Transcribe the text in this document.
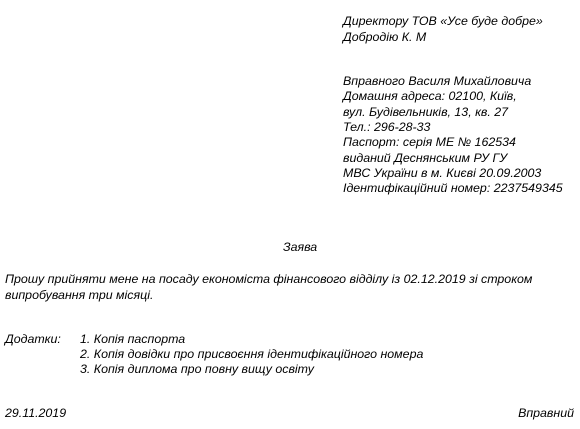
Директору ТОВ «Усе буде добре»
Добродію К. М
Вправного Василя Михайловича
Домашня адреса: 02100, Київ,
вул. Будівельників, 13, кв. 27
Тел.: 296-28-33
Паспорт: серія МЕ № 162534
виданий Деснянським РУ ГУ
МВС України в м. Києві 20.09.2003
Ідентифікаційний номер: 2237549345
Заява
Прошу прийняти мене на посаду економіста фінансового відділу із 02.12.2019 зі строком
випробування три місяці.
Додатки: 1. Копія паспорта
2. Копія довідки про присвоєння ідентифікаційного номера
3. Копія диплома про повну вищу освіту
29.11.2019	Вправний
